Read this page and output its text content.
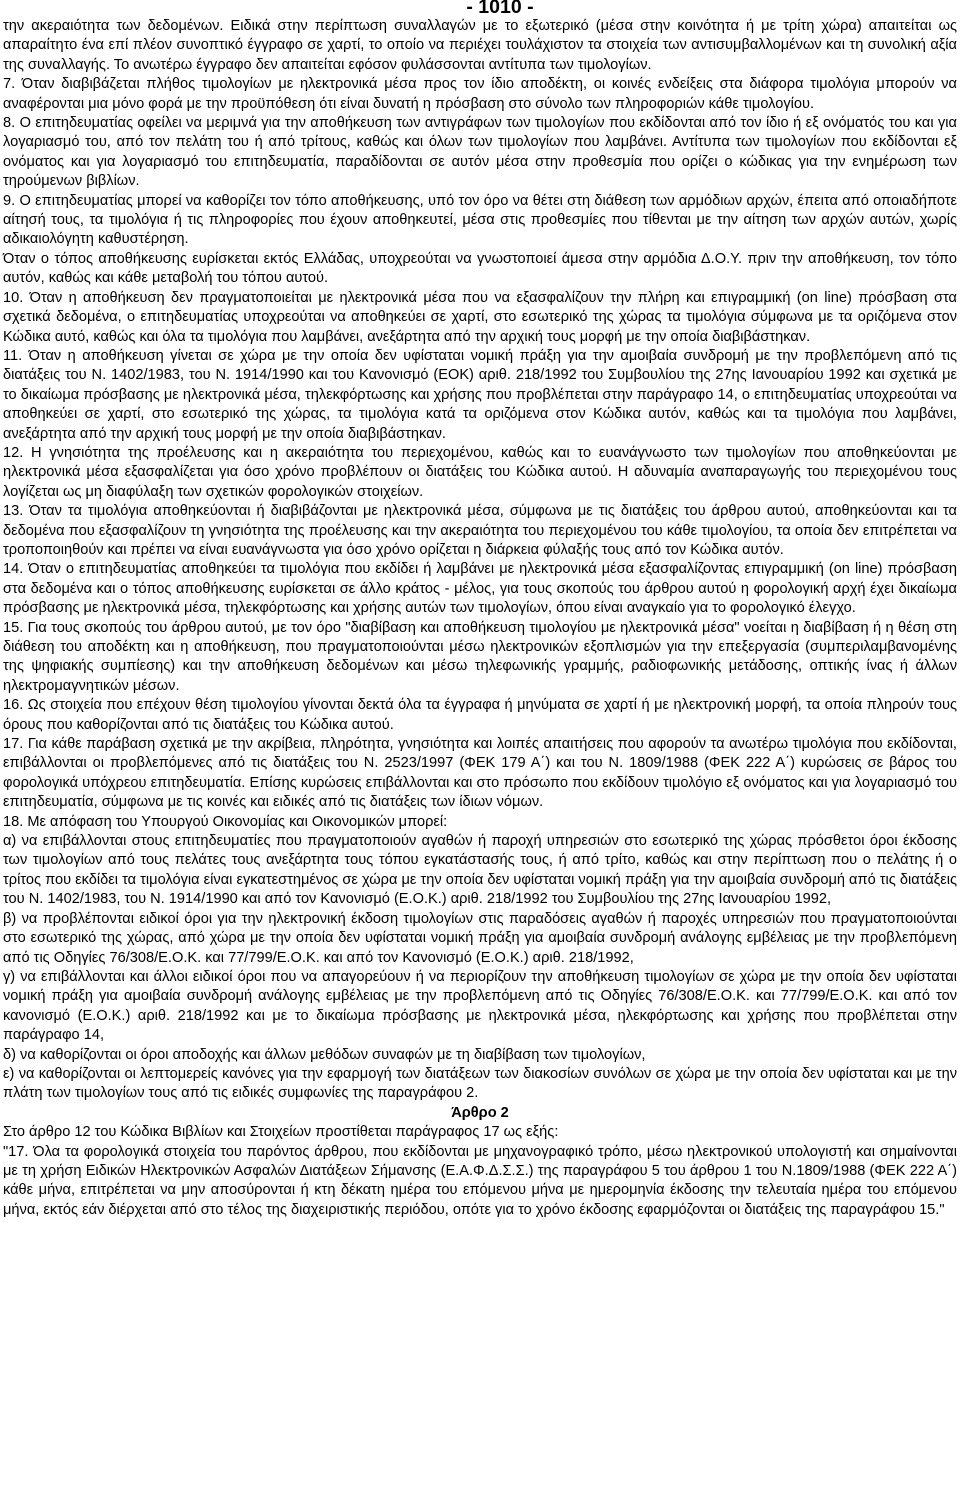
- 1010 -

την ακεραιότητα των δεδομένων. Ειδικά στην περίπτωση συναλλαγών με το εξωτερικό (μέσα στην κοινότητα ή με τρίτη χώρα) απαιτείται ως απαραίτητο ένα επί πλέον συνοπτικό έγγραφο σε χαρτί, το οποίο να περιέχει τουλάχιστον τα στοιχεία των αντισυμβαλλομένων και τη συνολική αξία της συναλλαγής. Το ανωτέρω έγγραφο δεν απαιτείται εφόσον φυλάσσονται αντίτυπα των τιμολογίων.

7. Όταν διαβιβάζεται πλήθος τιμολογίων με ηλεκτρονικά μέσα προς τον ίδιο αποδέκτη, οι κοινές ενδείξεις στα διάφορα τιμολόγια μπορούν να αναφέρονται μια μόνο φορά με την προϋπόθεση ότι είναι δυνατή η πρόσβαση στο σύνολο των πληροφοριών κάθε τιμολογίου.

8. Ο επιτηδευματίας οφείλει να μεριμνά για την αποθήκευση των αντιγράφων των τιμολογίων που εκδίδονται από τον ίδιο ή εξ ονόματός του και για λογαριασμό του, από τον πελάτη του ή από τρίτους, καθώς και όλων των τιμολογίων που λαμβάνει. Αντίτυπα των τιμολογίων που εκδίδονται εξ ονόματος και για λογαριασμό του επιτηδευματία, παραδίδονται σε αυτόν μέσα στην προθεσμία που ορίζει ο κώδικας για την ενημέρωση των τηρούμενων βιβλίων.

9. Ο επιτηδευματίας μπορεί να καθορίζει τον τόπο αποθήκευσης, υπό τον όρο να θέτει στη διάθεση των αρμόδιων αρχών, έπειτα από οποιαδήποτε αίτησή τους, τα τιμολόγια ή τις πληροφορίες που έχουν αποθηκευτεί, μέσα στις προθεσμίες που τίθενται με την αίτηση των αρχών αυτών, χωρίς αδικαιολόγητη καθυστέρηση.

Όταν ο τόπος αποθήκευσης ευρίσκεται εκτός Ελλάδας, υποχρεούται να γνωστοποιεί άμεσα στην αρμόδια Δ.Ο.Υ. πριν την αποθήκευση, τον τόπο αυτόν, καθώς και κάθε μεταβολή του τόπου αυτού.

10. Όταν η αποθήκευση δεν πραγματοποιείται με ηλεκτρονικά μέσα που να εξασφαλίζουν την πλήρη και επιγραμμική (on line) πρόσβαση στα σχετικά δεδομένα, ο επιτηδευματίας υποχρεούται να αποθηκεύει σε χαρτί, στο εσωτερικό της χώρας τα τιμολόγια σύμφωνα με τα οριζόμενα στον Κώδικα αυτό, καθώς και όλα τα τιμολόγια που λαμβάνει, ανεξάρτητα από την αρχική τους μορφή με την οποία διαβιβάστηκαν.

11. Όταν η αποθήκευση γίνεται σε χώρα με την οποία δεν υφίσταται νομική πράξη για την αμοιβαία συνδρομή με την προβλεπόμενη από τις διατάξεις του Ν. 1402/1983, του Ν. 1914/1990 και του Κανονισμό (ΕΟΚ) αριθ. 218/1992 του Συμβουλίου της 27ης Ιανουαρίου 1992 και σχετικά με το δικαίωμα πρόσβασης με ηλεκτρονικά μέσα, τηλεκφόρτωσης και χρήσης που προβλέπεται στην παράγραφο 14, ο επιτηδευματίας υποχρεούται να αποθηκεύει σε χαρτί, στο εσωτερικό της χώρας, τα τιμολόγια κατά τα οριζόμενα στον Κώδικα αυτόν, καθώς και τα τιμολόγια που λαμβάνει, ανεξάρτητα από την αρχική τους μορφή με την οποία διαβιβάστηκαν.

12. Η γνησιότητα της προέλευσης και η ακεραιότητα του περιεχομένου, καθώς και το ευανάγνωστο των τιμολογίων που αποθηκεύονται με ηλεκτρονικά μέσα εξασφαλίζεται για όσο χρόνο προβλέπουν οι διατάξεις του Κώδικα αυτού. Η αδυναμία αναπαραγωγής του περιεχομένου τους λογίζεται ως μη διαφύλαξη των σχετικών φορολογικών στοιχείων.

13. Όταν τα τιμολόγια αποθηκεύονται ή διαβιβάζονται με ηλεκτρονικά μέσα, σύμφωνα με τις διατάξεις του άρθρου αυτού, αποθηκεύονται και τα δεδομένα που εξασφαλίζουν τη γνησιότητα της προέλευσης και την ακεραιότητα του περιεχομένου του κάθε τιμολογίου, τα οποία δεν επιτρέπεται να τροποποιηθούν και πρέπει να είναι ευανάγνωστα για όσο χρόνο ορίζεται η διάρκεια φύλαξής τους από τον Κώδικα αυτόν.

14. Όταν ο επιτηδευματίας αποθηκεύει τα τιμολόγια που εκδίδει ή λαμβάνει με ηλεκτρονικά μέσα εξασφαλίζοντας επιγραμμική (on line) πρόσβαση στα δεδομένα και ο τόπος αποθήκευσης ευρίσκεται σε άλλο κράτος - μέλος, για τους σκοπούς του άρθρου αυτού η φορολογική αρχή έχει δικαίωμα πρόσβασης με ηλεκτρονικά μέσα, τηλεκφόρτωσης και χρήσης αυτών των τιμολογίων, όπου είναι αναγκαίο για το φορολογικό έλεγχο.

15. Για τους σκοπούς του άρθρου αυτού, με τον όρο "διαβίβαση και αποθήκευση τιμολογίου με ηλεκτρονικά μέσα" νοείται η διαβίβαση ή η θέση στη διάθεση του αποδέκτη και η αποθήκευση, που πραγματοποιούνται μέσω ηλεκτρονικών εξοπλισμών για την επεξεργασία (συμπεριλαμβανομένης της ψηφιακής συμπίεσης) και την αποθήκευση δεδομένων και μέσω τηλεφωνικής γραμμής, ραδιοφωνικής μετάδοσης, οπτικής ίνας ή άλλων ηλεκτρομαγνητικών μέσων.

16. Ως στοιχεία που επέχουν θέση τιμολογίου γίνονται δεκτά όλα τα έγγραφα ή μηνύματα σε χαρτί ή με ηλεκτρονική μορφή, τα οποία πληρούν τους όρους που καθορίζονται από τις διατάξεις του Κώδικα αυτού.

17. Για κάθε παράβαση σχετικά με την ακρίβεια, πληρότητα, γνησιότητα και λοιπές απαιτήσεις που αφορούν τα ανωτέρω τιμολόγια που εκδίδονται, επιβάλλονται οι προβλεπόμενες από τις διατάξεις του Ν. 2523/1997 (ΦΕΚ 179 Α΄) και του Ν. 1809/1988 (ΦΕΚ 222 Α΄) κυρώσεις σε βάρος του φορολογικά υπόχρεου επιτηδευματία. Επίσης κυρώσεις επιβάλλονται και στο πρόσωπο που εκδίδουν τιμολόγιο εξ ονόματος και για λογαριασμό του επιτηδευματία, σύμφωνα με τις κοινές και ειδικές από τις διατάξεις των ίδιων νόμων.

18. Με απόφαση του Υπουργού Οικονομίας και Οικονομικών μπορεί:

α) να επιβάλλονται στους επιτηδευματίες που πραγματοποιούν αγαθών ή παροχή υπηρεσιών στο εσωτερικό της χώρας πρόσθετοι όροι έκδοσης των τιμολογίων από τους πελάτες τους ανεξάρτητα τους τόπου εγκατάστασής τους, ή από τρίτο, καθώς και στην περίπτωση που ο πελάτης ή ο τρίτος που εκδίδει τα τιμολόγια είναι εγκατεστημένος σε χώρα με την οποία δεν υφίσταται νομική πράξη για την αμοιβαία συνδρομή από τις διατάξεις του Ν. 1402/1983, του Ν. 1914/1990 και από τον Κανονισμό (Ε.Ο.Κ.) αριθ. 218/1992 του Συμβουλίου της 27ης Ιανουαρίου 1992,

β) να προβλέπονται ειδικοί όροι για την ηλεκτρονική έκδοση τιμολογίων στις παραδόσεις αγαθών ή παροχές υπηρεσιών που πραγματοποιούνται στο εσωτερικό της χώρας, από χώρα με την οποία δεν υφίσταται νομική πράξη για αμοιβαία συνδρομή ανάλογης εμβέλειας με την προβλεπόμενη από τις Οδηγίες 76/308/Ε.Ο.Κ. και 77/799/Ε.Ο.Κ. και από τον Κανονισμό (Ε.Ο.Κ.) αριθ. 218/1992,

γ) να επιβάλλονται και άλλοι ειδικοί όροι που να απαγορεύουν ή να περιορίζουν την αποθήκευση τιμολογίων σε χώρα με την οποία δεν υφίσταται νομική πράξη για αμοιβαία συνδρομή ανάλογης εμβέλειας με την προβλεπόμενη από τις Οδηγίες 76/308/Ε.Ο.Κ. και 77/799/Ε.Ο.Κ. και από τον κανονισμό (Ε.Ο.Κ.) αριθ. 218/1992 και με το δικαίωμα πρόσβασης με ηλεκτρονικά μέσα, ηλεκφόρτωσης και χρήσης που προβλέπεται στην παράγραφο 14,

δ) να καθορίζονται οι όροι αποδοχής και άλλων μεθόδων συναφών με τη διαβίβαση των τιμολογίων,

ε) να καθορίζονται οι λεπτομερείς κανόνες για την εφαρμογή των διατάξεων των διακοσίων συνόλων σε χώρα με την οποία δεν υφίσταται και με την πλάτη των τιμολογίων τους από τις ειδικές συμφωνίες της παραγράφου 2.

Άρθρο 2

Στο άρθρο 12 του Κώδικα Βιβλίων και Στοιχείων προστίθεται παράγραφος 17 ως εξής:

"17. Όλα τα φορολογικά στοιχεία του παρόντος άρθρου, που εκδίδονται με μηχανογραφικό τρόπο, μέσω ηλεκτρονικού υπολογιστή και σημαίνονται με τη χρήση Ειδικών Ηλεκτρονικών Ασφαλών Διατάξεων Σήμανσης (Ε.Α.Φ.Δ.Σ.Σ.) της παραγράφου 5 του άρθρου 1 του Ν.1809/1988 (ΦΕΚ 222 Α΄) κάθε μήνα, επιτρέπεται να μην αποσύρονται ή κτη δέκατη ημέρα του επόμενου μήνα με ημερομηνία έκδοσης την τελευταία ημέρα του επόμενου μήνα, εκτός εάν διέρχεται από στο τέλος της διαχειριστικής περιόδου, οπότε για το χρόνο έκδοσης εφαρμόζονται οι διατάξεις της παραγράφου 15."
